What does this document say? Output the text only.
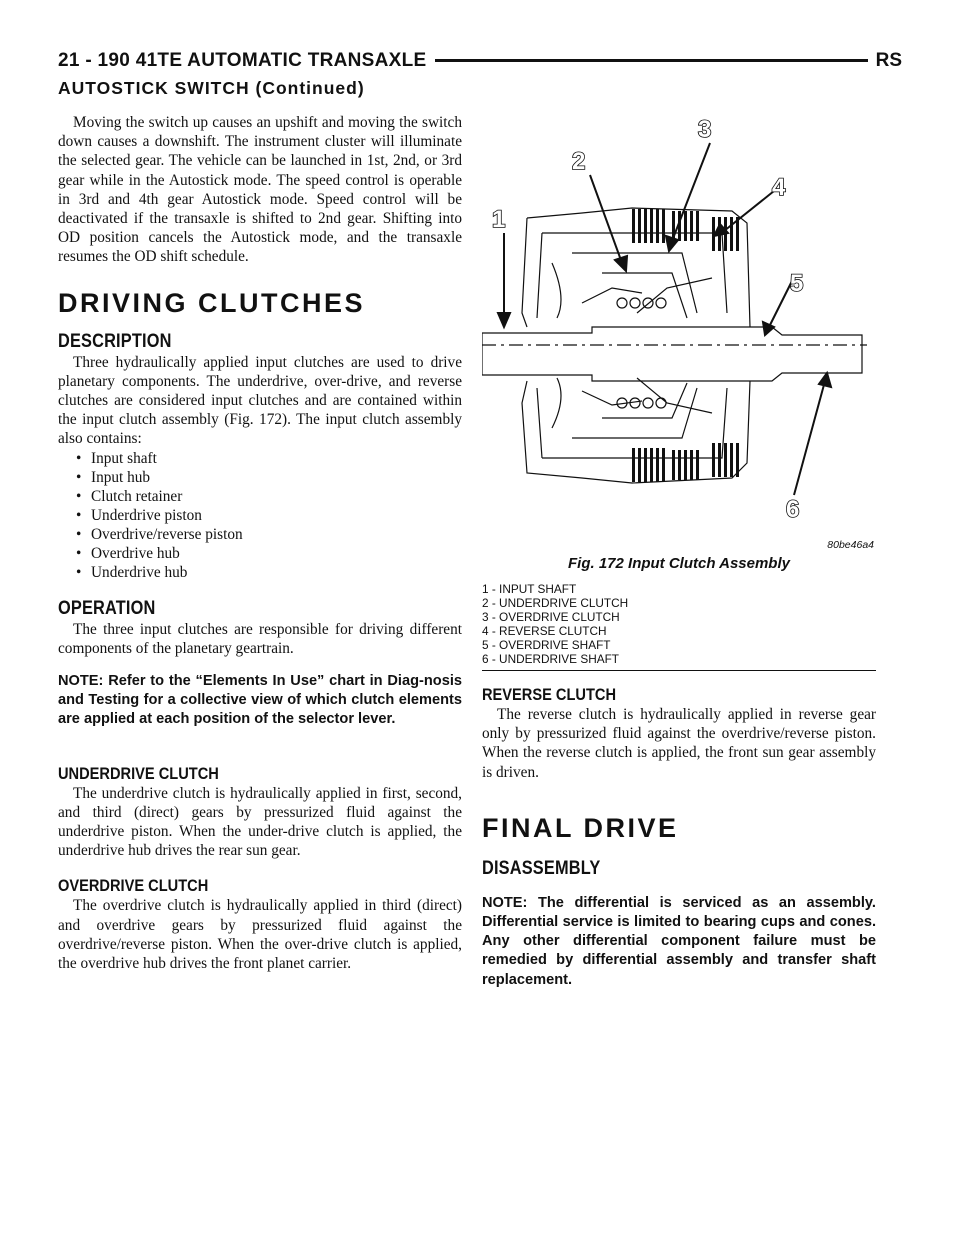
21 - 190 41TE AUTOMATIC TRANSAXLE	RS
AUTOSTICK SWITCH (Continued)

Moving the switch up causes an upshift and moving the switch down causes a downshift. The instrument cluster will illuminate the selected gear. The vehicle can be launched in 1st, 2nd, or 3rd gear while in the Autostick mode. The speed control is operable in 3rd and 4th gear Autostick mode. Speed control will be deactivated if the transaxle is shifted to 2nd gear. Shifting into OD position cancels the Autostick mode, and the transaxle resumes the OD shift schedule.

DRIVING CLUTCHES
DESCRIPTION

Three hydraulically applied input clutches are used to drive planetary components. The underdrive, over-drive, and reverse clutches are considered input clutches and are contained within the input clutch assembly (Fig. 172). The input clutch assembly also contains:

• Input shaft
• Input hub
• Clutch retainer
• Underdrive piston
• Overdrive/reverse piston
• Overdrive hub
• Underdrive hub
OPERATION

The three input clutches are responsible for driving different components of the planetary geartrain.

NOTE: Refer to the “Elements In Use” chart in Diag-nosis and Testing for a collective view of which clutch elements are applied at each position of the selector lever.

UNDERDRIVE CLUTCH

The underdrive clutch is hydraulically applied in first, second, and third (direct) gears by pressurized fluid against the underdrive piston. When the under-drive clutch is applied, the underdrive hub drives the rear sun gear.

OVERDRIVE CLUTCH

The overdrive clutch is hydraulically applied in third (direct) and overdrive gears by pressurized fluid against the overdrive/reverse piston. When the over-drive clutch is applied, the overdrive hub drives the front planet carrier.

1
2
3
4
5
6
80be46a4
Fig. 172 Input Clutch Assembly
1 - INPUT SHAFT
2 - UNDERDRIVE CLUTCH
3 - OVERDRIVE CLUTCH
4 - REVERSE CLUTCH
5 - OVERDRIVE SHAFT
6 - UNDERDRIVE SHAFT
REVERSE CLUTCH

The reverse clutch is hydraulically applied in reverse gear only by pressurized fluid against the overdrive/reverse piston. When the reverse clutch is applied, the front sun gear assembly is driven.

FINAL DRIVE
DISASSEMBLY

NOTE: The differential is serviced as an assembly. Differential service is limited to bearing cups and cones. Any other differential component failure must be remedied by differential assembly and transfer shaft replacement.
